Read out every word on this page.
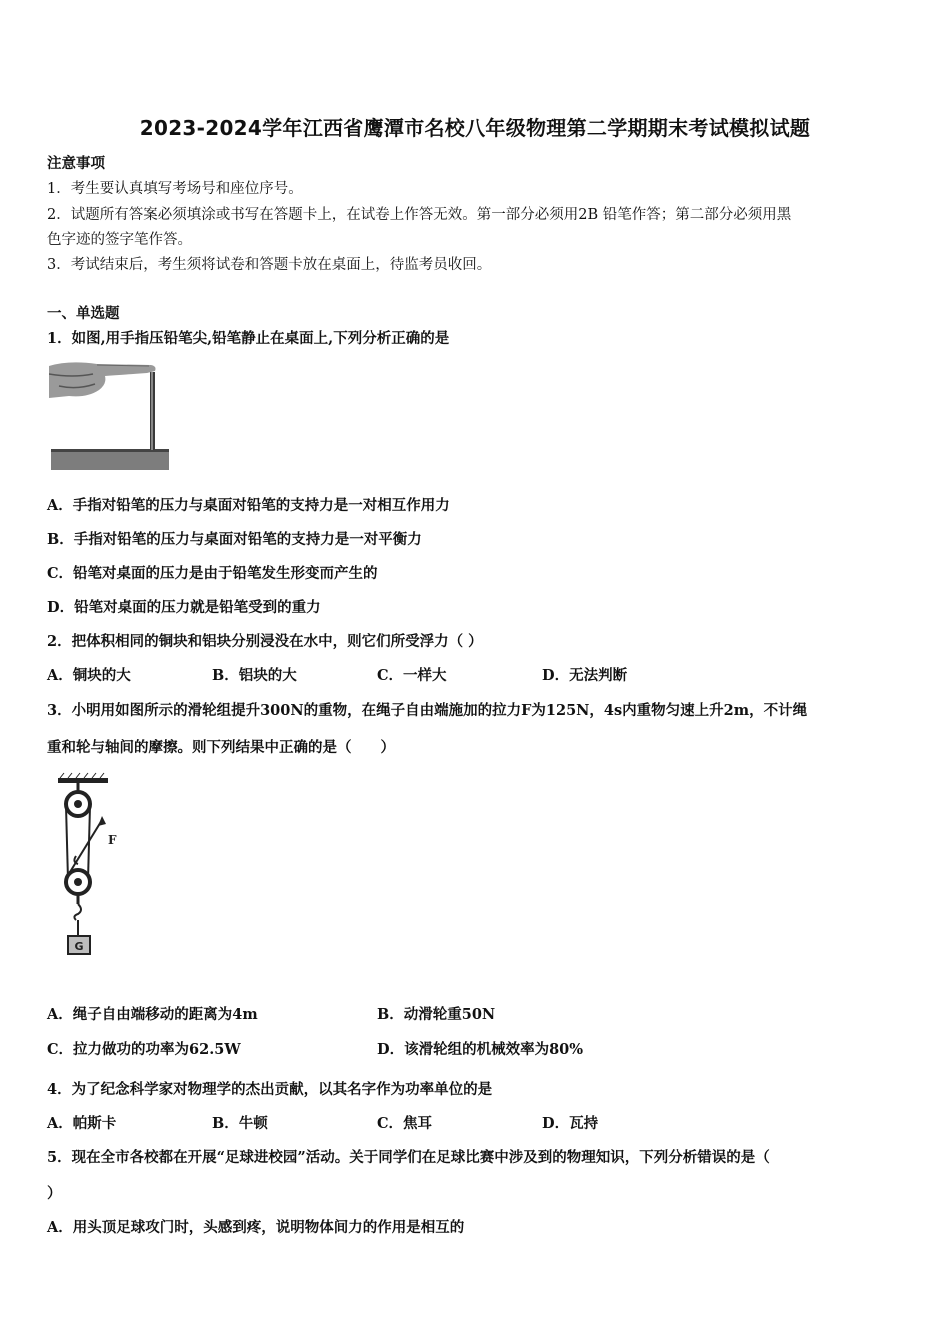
2023-2024学年江西省鹰潭市名校八年级物理第二学期期末考试模拟试题
注意事项
1．考生要认真填写考场号和座位序号。
2．试题所有答案必须填涂或书写在答题卡上，在试卷上作答无效。第一部分必须用2B 铅笔作答；第二部分必须用黑
色字迹的签字笔作答。
3．考试结束后，考生须将试卷和答题卡放在桌面上，待监考员收回。
一、单选题
1．如图,用手指压铅笔尖,铅笔静止在桌面上,下列分析正确的是
A．手指对铅笔的压力与桌面对铅笔的支持力是一对相互作用力
B．手指对铅笔的压力与桌面对铅笔的支持力是一对平衡力
C．铅笔对桌面的压力是由于铅笔发生形变而产生的
D．铅笔对桌面的压力就是铅笔受到的重力
2．把体积相同的铜块和铝块分别浸没在水中，则它们所受浮力（ ）
A．铜块的大	B．铝块的大	C．一样大	D．无法判断
3．小明用如图所示的滑轮组提升300N的重物，在绳子自由端施加的拉力F为125N，4s内重物匀速上升2m，不计绳
重和轮与轴间的摩擦。则下列结果中正确的是（　　）
F
G
A．绳子自由端移动的距离为4m	B．动滑轮重50N
C．拉力做功的功率为62.5W	D．该滑轮组的机械效率为80%
4．为了纪念科学家对物理学的杰出贡献，以其名字作为功率单位的是
A．帕斯卡	B．牛顿	C．焦耳	D．瓦持
5．现在全市各校都在开展“足球进校园”活动。关于同学们在足球比赛中涉及到的物理知识，下列分析错误的是（
）
A．用头顶足球攻门时，头感到疼，说明物体间力的作用是相互的
